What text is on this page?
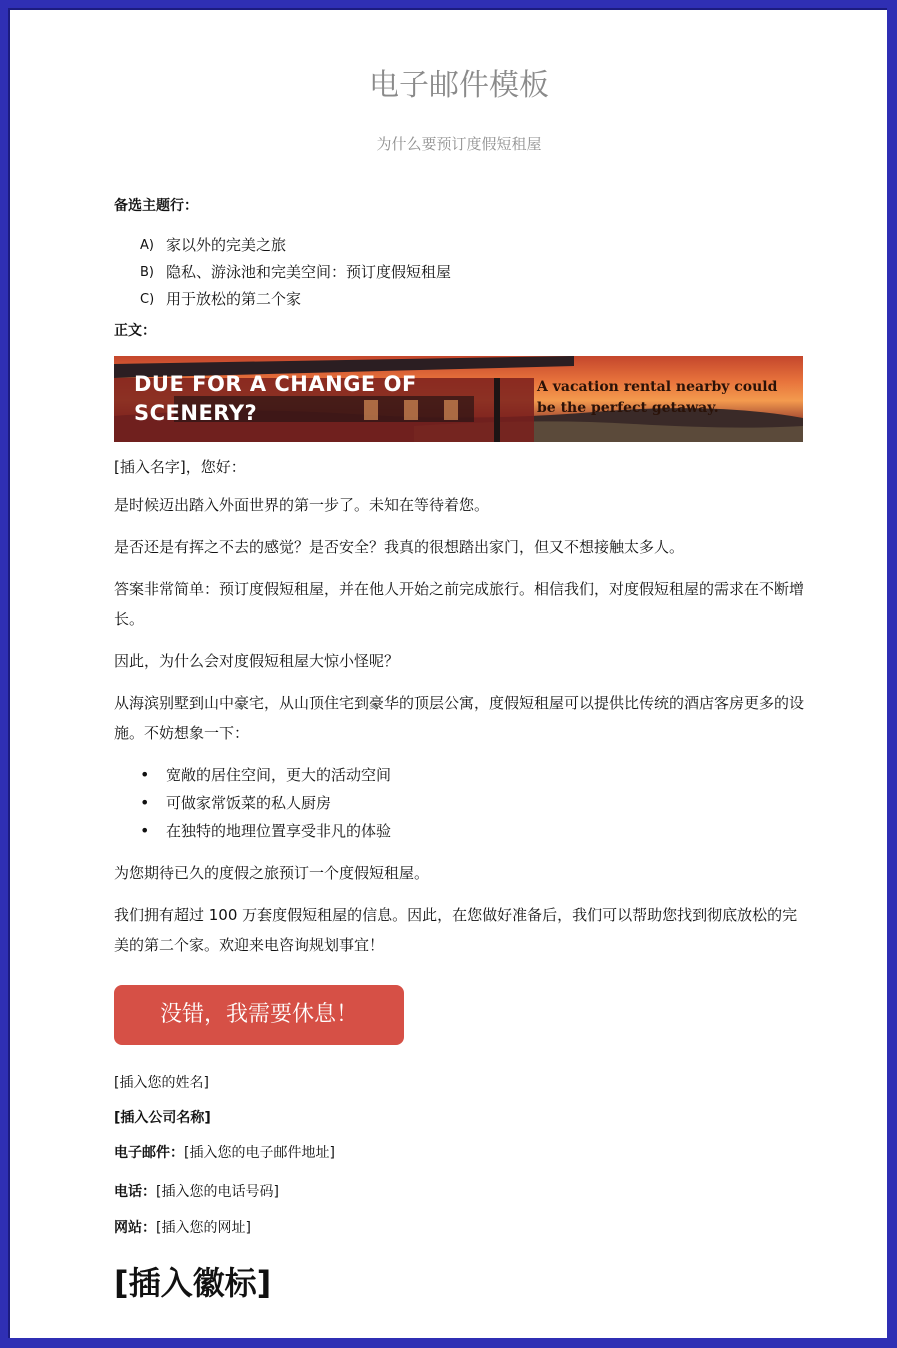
电子邮件模板
为什么要预订度假短租屋
备选主题行：
A) 家以外的完美之旅
B) 隐私、游泳池和完美空间：预订度假短租屋
C) 用于放松的第二个家
正文：
DUE FOR A CHANGE OF SCENERY?
A vacation rental nearby could be the perfect getaway.

[插入名字]，您好：

是时候迈出踏入外面世界的第一步了。未知在等待着您。

是否还是有挥之不去的感觉？是否安全？我真的很想踏出家门，但又不想接触太多人。

答案非常简单：预订度假短租屋，并在他人开始之前完成旅行。相信我们，对度假短租屋的需求在不断增长。

因此，为什么会对度假短租屋大惊小怪呢？

从海滨别墅到山中豪宅，从山顶住宅到豪华的顶层公寓，度假短租屋可以提供比传统的酒店客房更多的设施。不妨想象一下：

•	宽敞的居住空间，更大的活动空间
•	可做家常饭菜的私人厨房
•	在独特的地理位置享受非凡的体验

为您期待已久的度假之旅预订一个度假短租屋。

我们拥有超过 100 万套度假短租屋的信息。因此，在您做好准备后，我们可以帮助您找到彻底放松的完美的第二个家。欢迎来电咨询规划事宜！

没错，我需要休息！
[插入您的姓名]
[插入公司名称]
电子邮件：[插入您的电子邮件地址]
电话：[插入您的电话号码]
网站：[插入您的网址]
[插入徽标]
